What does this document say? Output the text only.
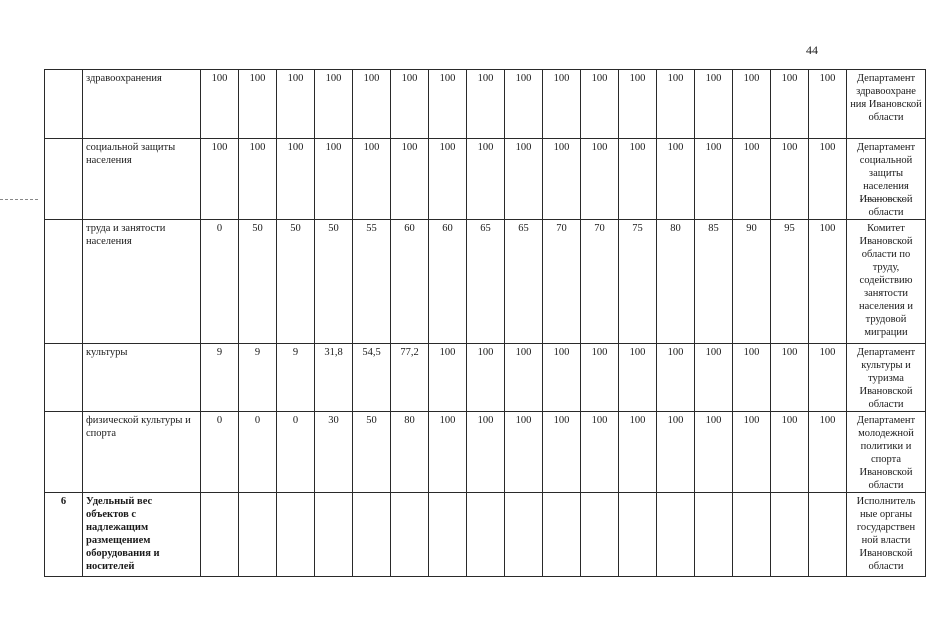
44
	здравоохранения	100	100	100	100	100	100	100	100	100	100	100	100	100	100	100	100	100	Департамент здравоохране ния Ивановской области
	социальной защиты населения	100	100	100	100	100	100	100	100	100	100	100	100	100	100	100	100	100	Департамент социальной защиты населения Ивановской области
	труда и занятости населения	0	50	50	50	55	60	60	65	65	70	70	75	80	85	90	95	100	Комитет Ивановской области по труду, содействию занятости населения и трудовой миграции
	культуры	9	9	9	31,8	54,5	77,2	100	100	100	100	100	100	100	100	100	100	100	Департамент культуры и туризма Ивановской области
	физической культуры и спорта	0	0	0	30	50	80	100	100	100	100	100	100	100	100	100	100	100	Департамент молодежной политики и спорта Ивановской области
6	Удельный вес объектов с надлежащим размещением оборудования и носителей																		Исполнитель ные органы государствен ной власти Ивановской области
